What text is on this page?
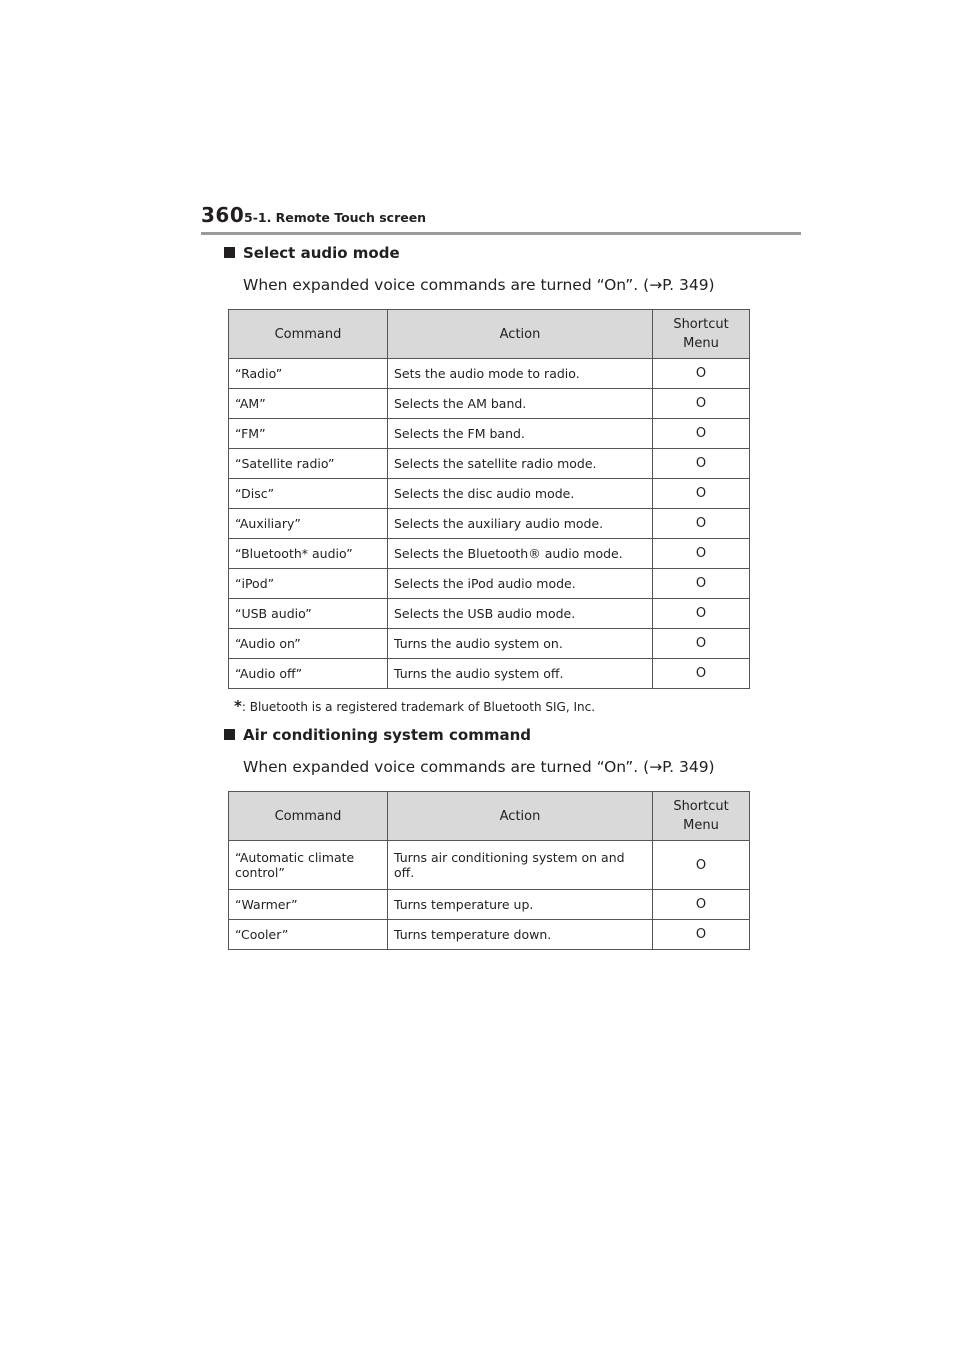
360 5-1. Remote Touch screen
Select audio mode
When expanded voice commands are turned “On”. (→P. 349)
Command	Action	Shortcut
Menu
“Radio”	Sets the audio mode to radio.	O
“AM”	Selects the AM band.	O
“FM”	Selects the FM band.	O
“Satellite radio”	Selects the satellite radio mode.	O
“Disc”	Selects the disc audio mode.	O
“Auxiliary”	Selects the auxiliary audio mode.	O
“Bluetooth* audio”	Selects the Bluetooth® audio mode.	O
“iPod”	Selects the iPod audio mode.	O
“USB audio”	Selects the USB audio mode.	O
“Audio on”	Turns the audio system on.	O
“Audio off”	Turns the audio system off.	O
*: Bluetooth is a registered trademark of Bluetooth SIG, Inc.
Air conditioning system command
When expanded voice commands are turned “On”. (→P. 349)
Command	Action	Shortcut
Menu
“Automatic climate control”	Turns air conditioning system on and off.	O
“Warmer”	Turns temperature up.	O
“Cooler”	Turns temperature down.	O
